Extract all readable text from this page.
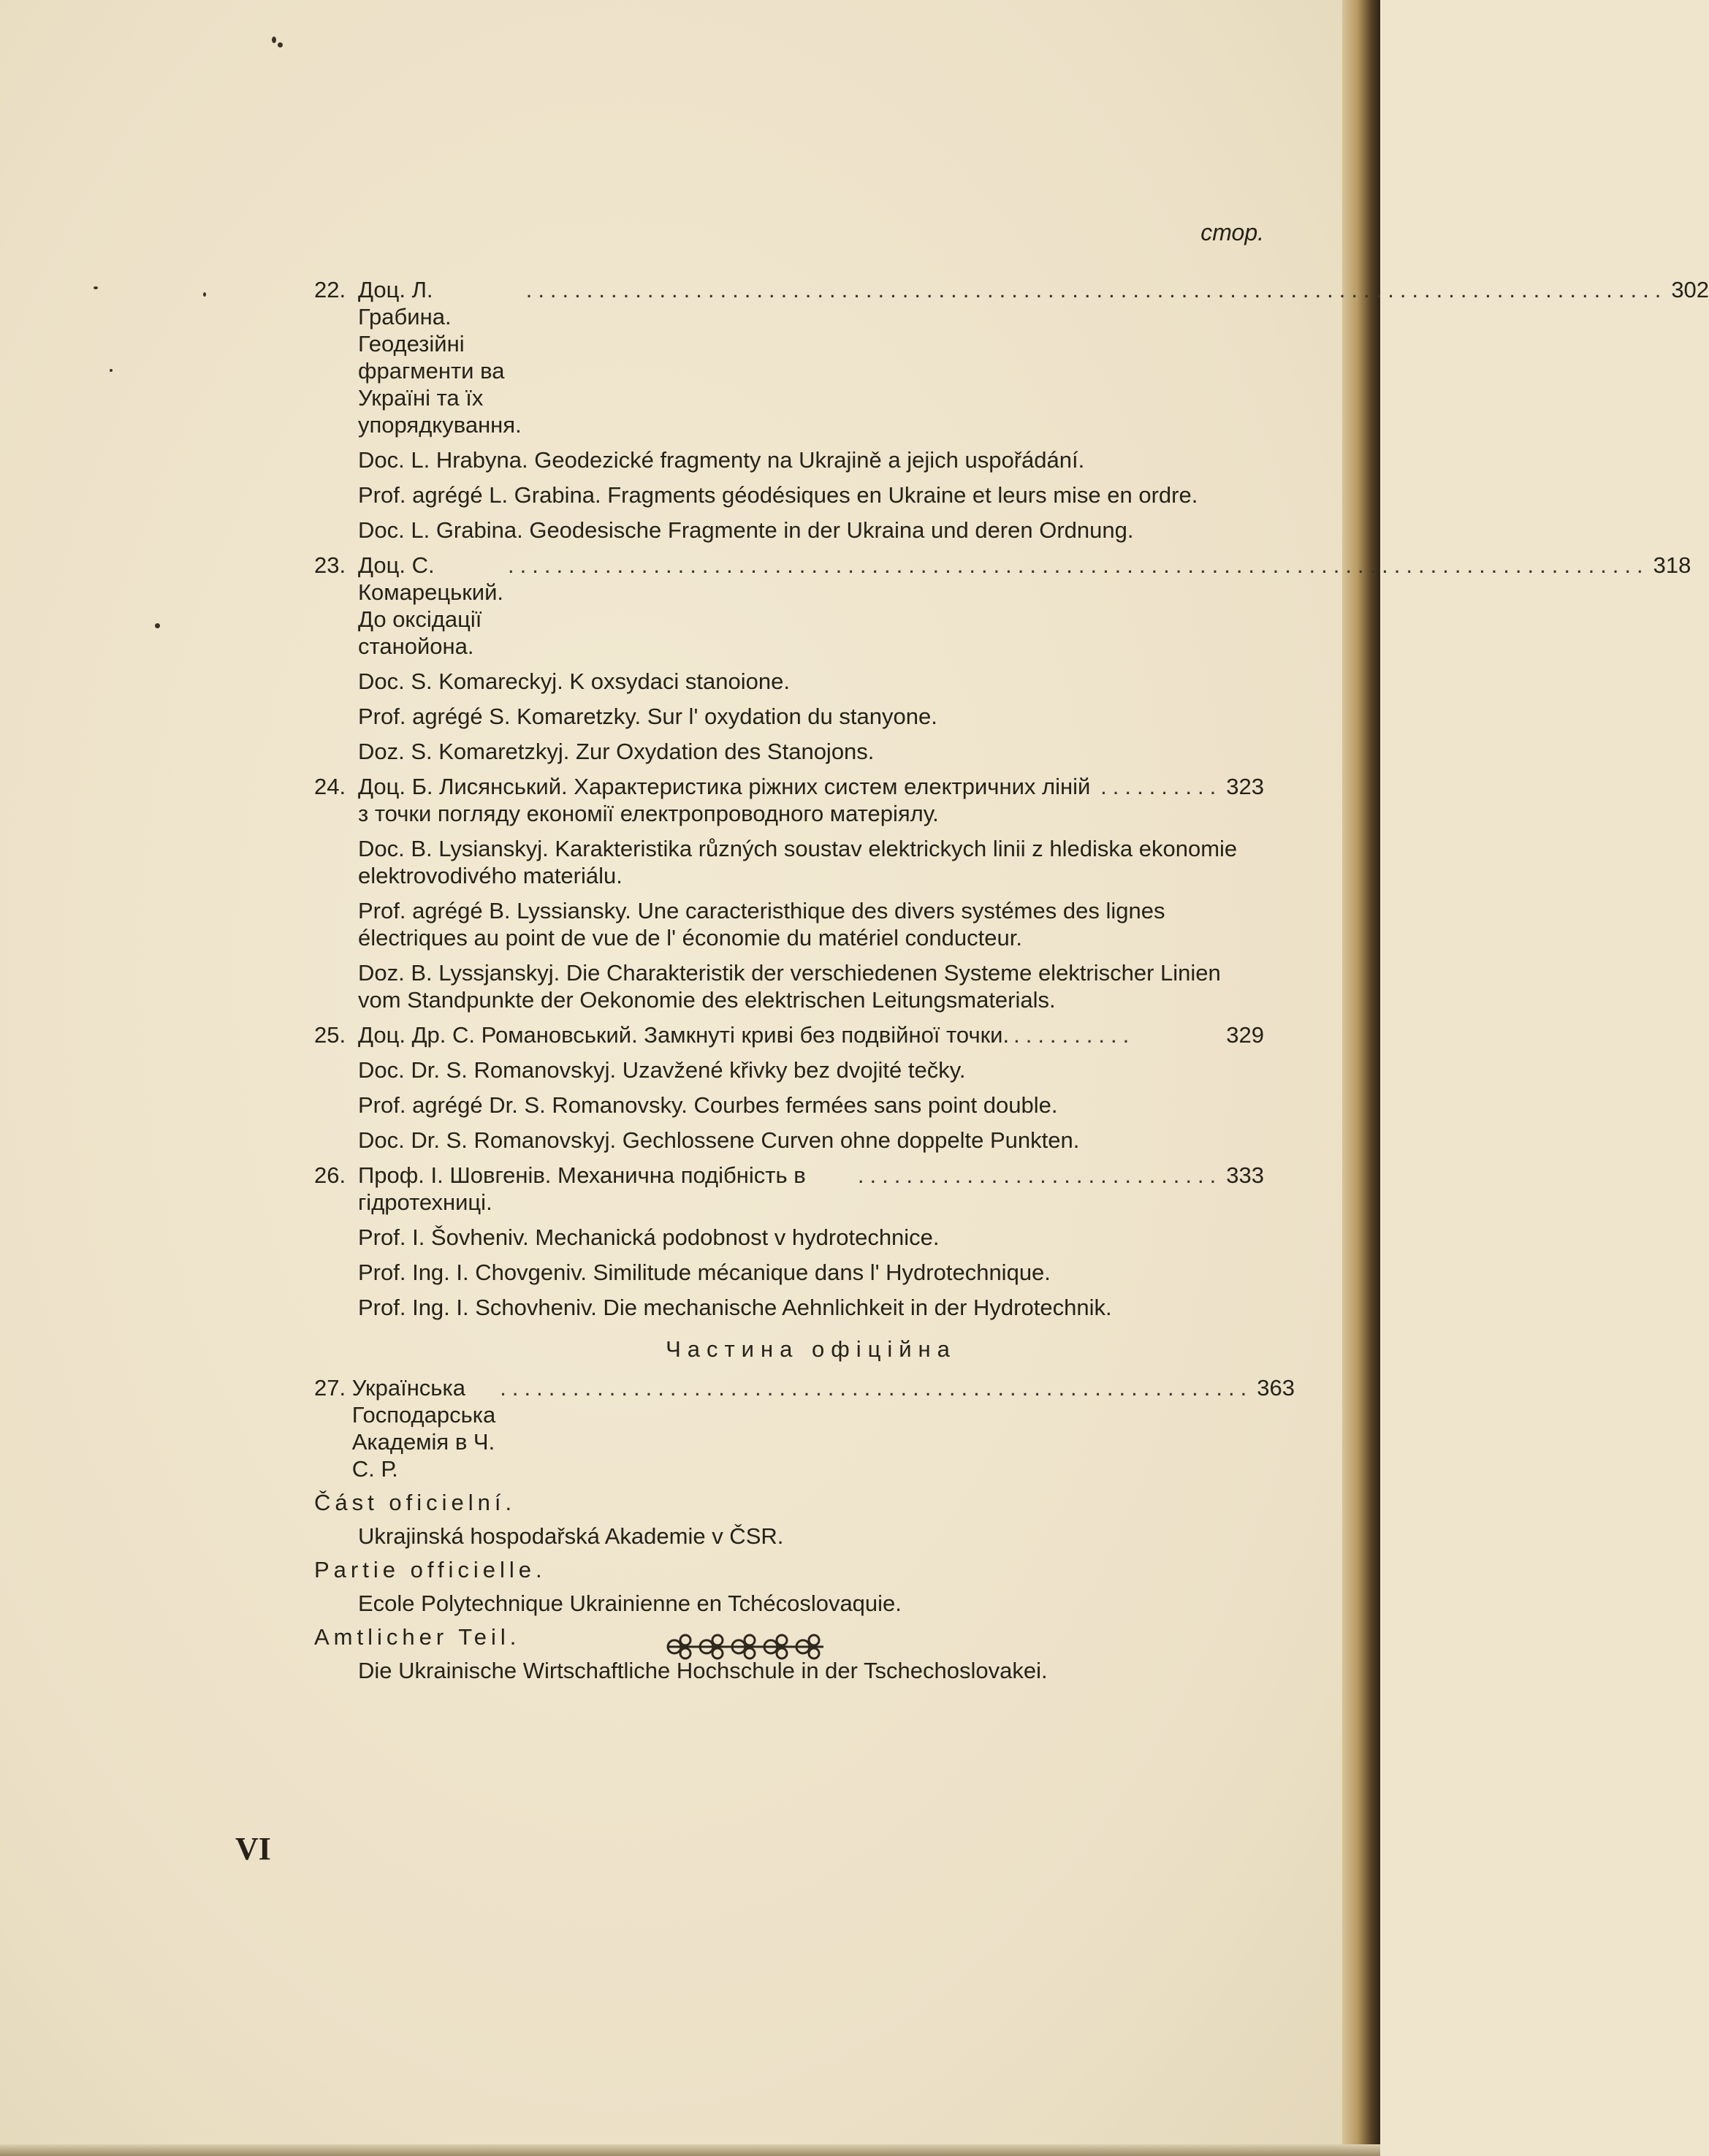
стор.
22. Доц. Л. Грабина. Геодезійні фрагменти ва Україні та їх упорядкування.
.............................................................................................. 302
Doc. L. Hrabyna. Geodezické fragmenty na Ukrajině a jejich uspořádání.
Prof. agrégé L. Grabina. Fragments géodésiques en Ukraine et leurs mise en ordre.
Doc. L. Grabina. Geodesische Fragmente in der Ukraina und deren Ordnung.
23. Доц. С. Комарецький. До оксідації станойона.
.............................................................................................. 318
Doc. S. Komareckyj. K oxsydaci stanoione.
Prof. agrégé S. Komaretzky. Sur l' oxydation du stanyone.
Doz. S. Komaretzkyj. Zur Oxydation des Stanojons.
24. Доц. Б. Лисянський. Характеристика ріжних систем електричних ліній з точки погляду економії електропроводного матеріялу.
.......... 323
Doc. B. Lysianskyj. Karakteristika různých soustav elektrickych linii z hlediska ekonomie elektrovodivého materiálu.
Prof. agrégé B. Lyssiansky. Une caracteristhique des divers systémes des lignes électriques au point de vue de l' économie du matériel conducteur.
Doz. B. Lyssjanskyj. Die Charakteristik der verschiedenen Systeme elektrischer Linien vom Standpunkte der Oekonomie des elektrischen Leitungsmaterials.
25. Доц. Др. С. Романовський. Замкнуті криві без подвійної точки. ..........	329
Doc. Dr. S. Romanovskyj. Uzavžené křivky bez dvojité tečky.
Prof. agrégé Dr. S. Romanovsky. Courbes fermées sans point double.
Doc. Dr. S. Romanovskyj. Gechlossene Curven ohne doppelte Punkten.
26. Проф. І. Шовгенів. Механична подібність в гідротехниці.
.............................. 333
Prof. I. Šovheniv. Mechanická podobnost v hydrotechnice.
Prof. Ing. I. Chovgeniv. Similitude mécanique dans l' Hydrotechnique.
Prof. Ing. I. Schovheniv. Die mechanische Aehnlichkeit in der Hydrotechnik.
Частина офіційна
27.
Українська Господарська Академія в Ч. С. Р.
.............................................................. 363
Část oficielní.
Ukrajinská hospodařská Akademie v ČSR.
Partie officielle.
Ecole Polytechnique Ukrainienne en Tchécoslovaquie.
Amtlicher Teil.
Die Ukrainische Wirtschaftliche Hochschule in der Tschechoslovakei.
VI
